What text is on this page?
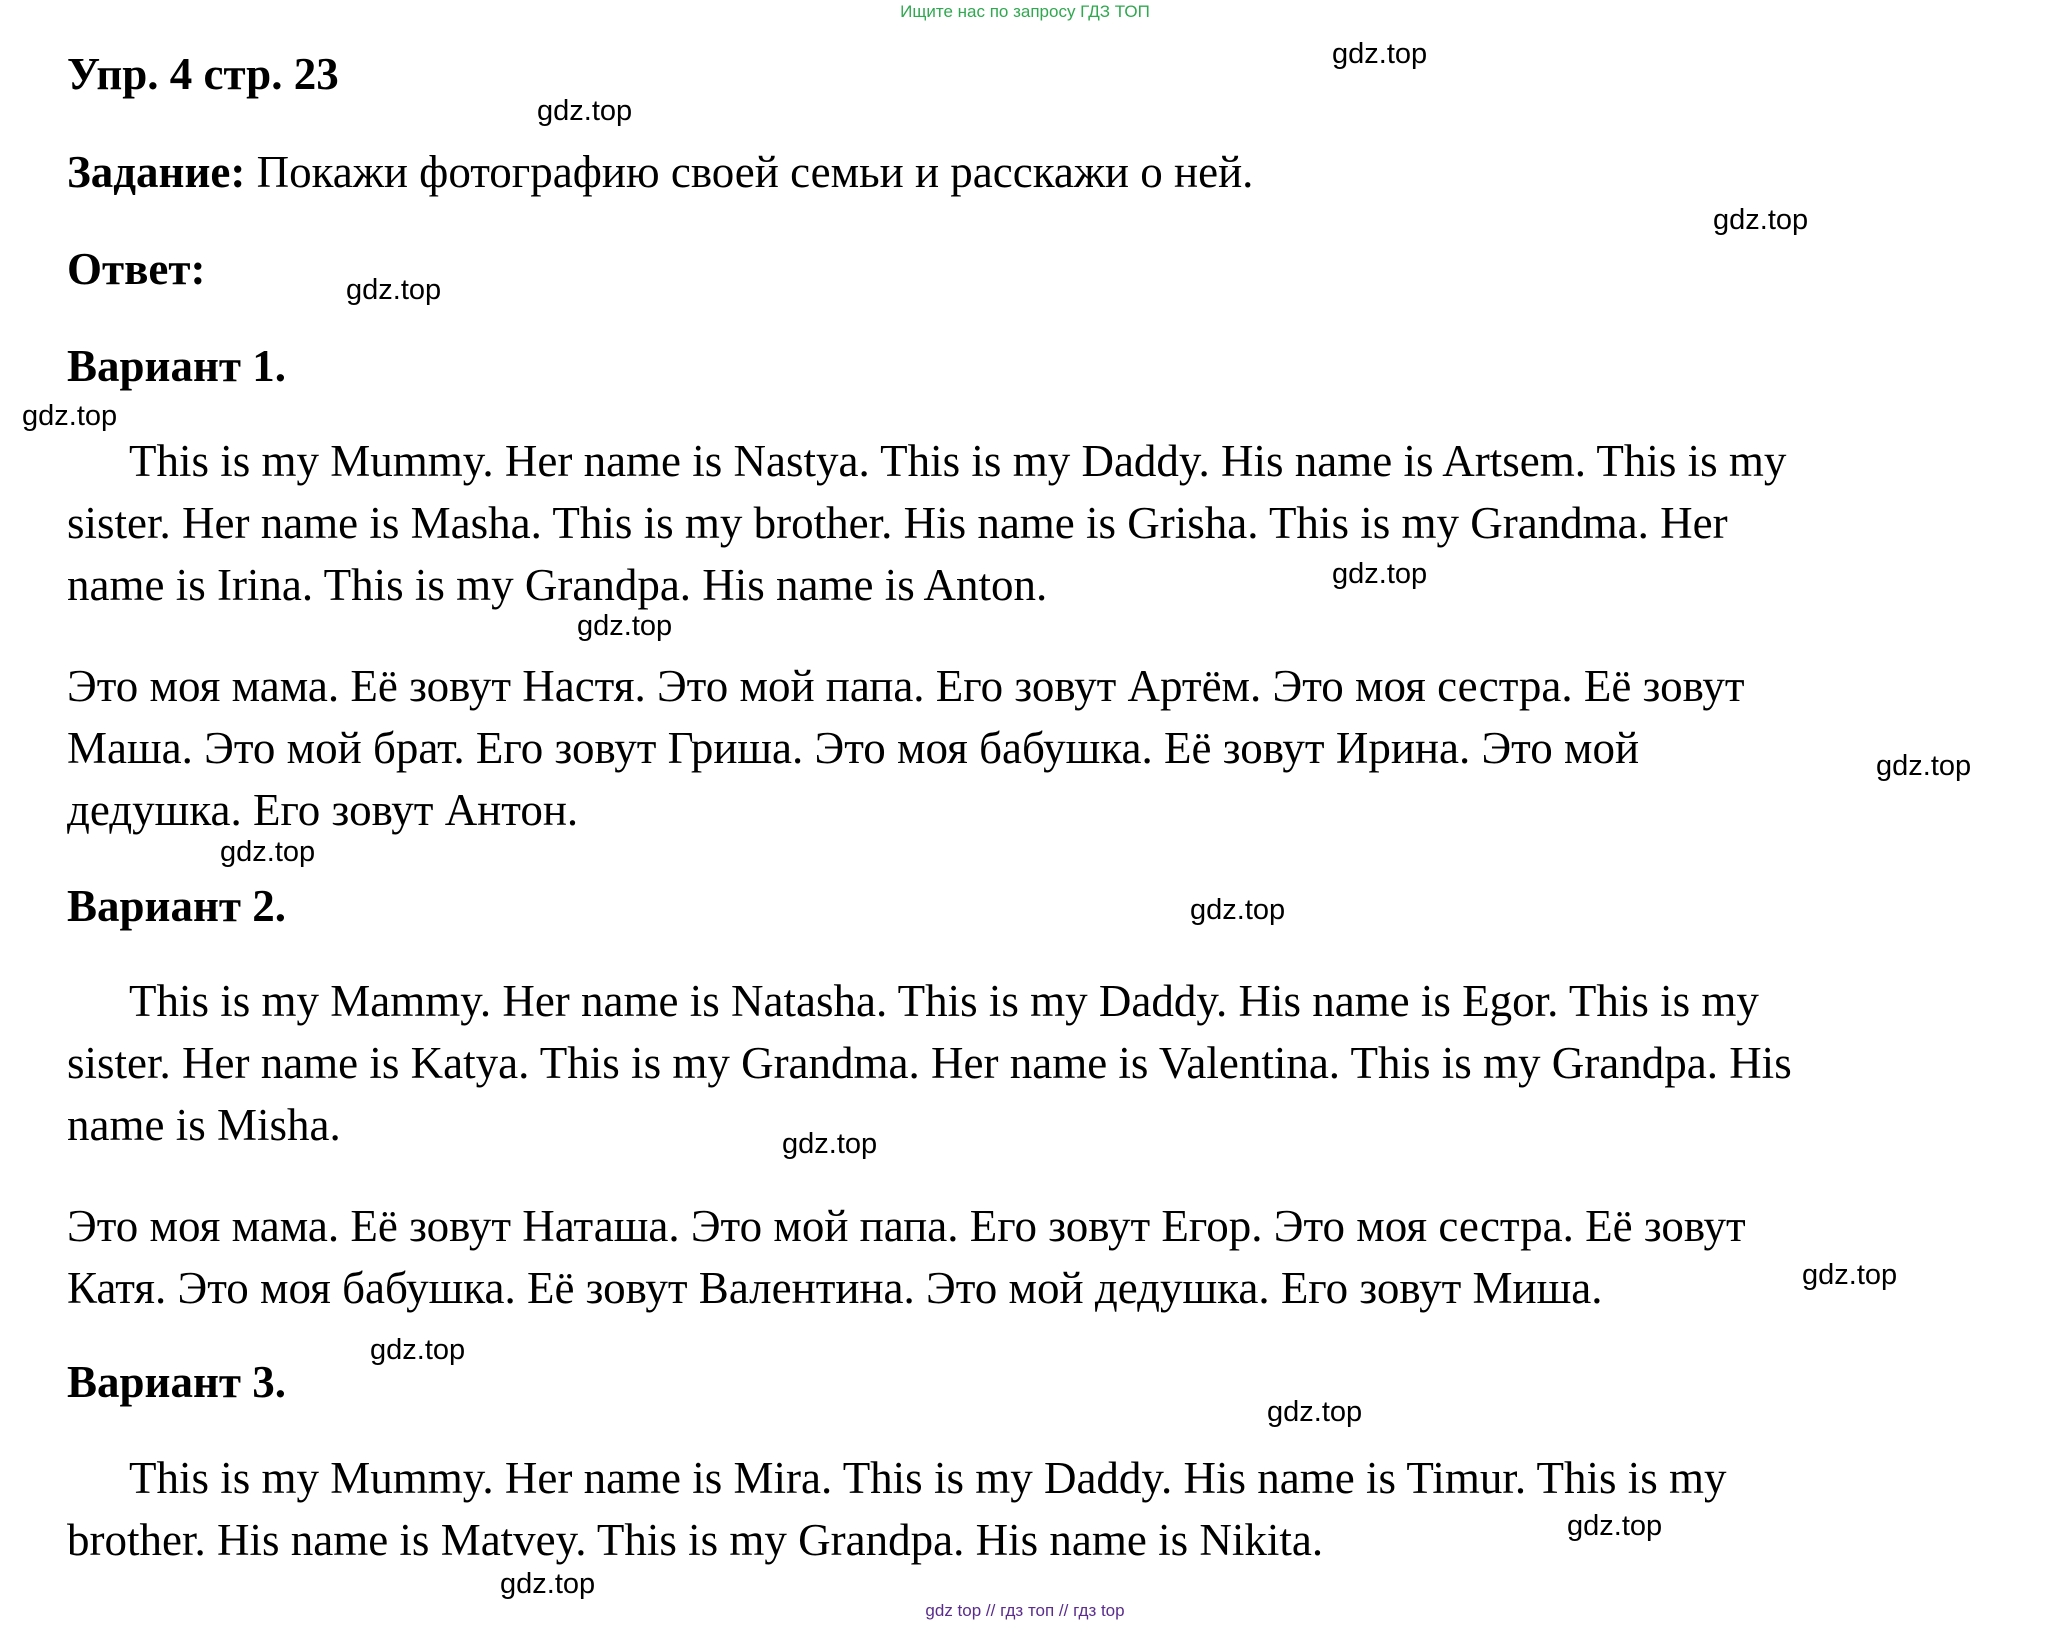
Ищите нас по запросу ГДЗ ТОП
Упр. 4 стр. 23
Задание: Покажи фотографию своей семьи и расскажи о ней.
Ответ:
Вариант 1.
This is my Mummy. Her name is Nastya. This is my Daddy. His name is Artsem. This is my
sister. Her name is Masha. This is my brother. His name is Grisha. This is my Grandma. Her
name is Irina. This is my Grandpa. His name is Anton.
Это моя мама. Её зовут Настя. Это мой папа. Его зовут Артём. Это моя сестра. Её зовут
Маша. Это мой брат. Его зовут Гриша. Это моя бабушка. Её зовут Ирина. Это мой
дедушка. Его зовут Антон.
Вариант 2.
This is my Mammy. Her name is Natasha. This is my Daddy. His name is Egor. This is my
sister. Her name is Katya. This is my Grandma. Her name is Valentina. This is my Grandpa. His
name is Misha.
Это моя мама. Её зовут Наташа. Это мой папа. Его зовут Егор. Это моя сестра. Её зовут
Катя. Это моя бабушка. Её зовут Валентина. Это мой дедушка. Его зовут Миша.
Вариант 3.
This is my Mummy. Her name is Mira. This is my Daddy. His name is Timur. This is my
brother. His name is Matvey. This is my Grandpa. His name is Nikita.
gdz.top
gdz.top
gdz.top
gdz.top
gdz.top
gdz.top
gdz.top
gdz.top
gdz.top
gdz.top
gdz.top
gdz.top
gdz.top
gdz.top
gdz.top
gdz.top
gdz top // гдз топ // гдз top
